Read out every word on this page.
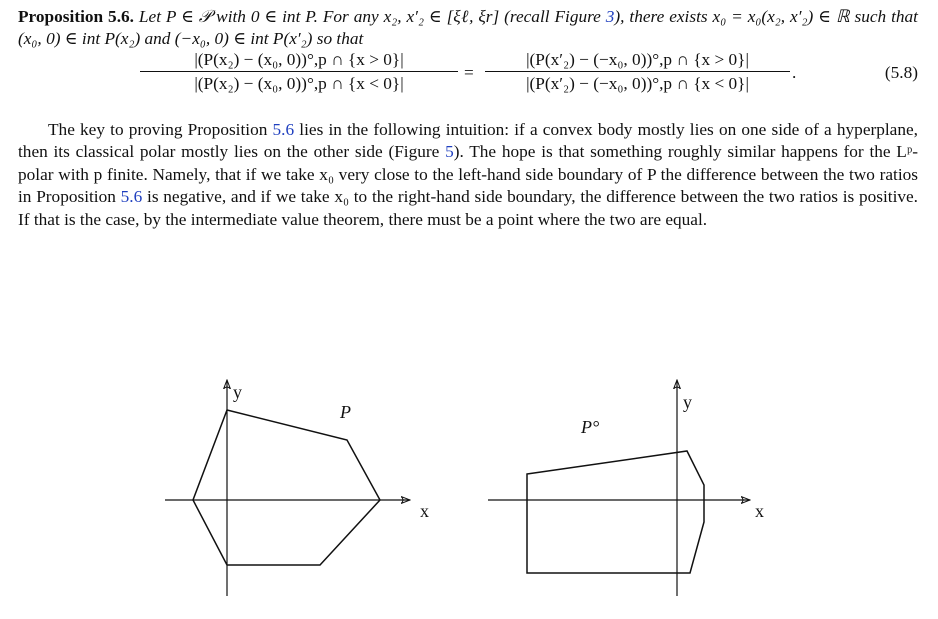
Proposition 5.6. Let P ∈ 𝒫 with 0 ∈ int P. For any x₂, x′₂ ∈ [ξℓ, ξr] (recall Figure 3), there exists x₀ = x₀(x₂, x′₂) ∈ ℝ such that (x₀, 0) ∈ int P(x₂) and (−x₀, 0) ∈ int P(x′₂) so that
|(P(x₂) − (x₀, 0))°,p ∩ {x > 0}|
|(P(x₂) − (x₀, 0))°,p ∩ {x < 0}|
=
|(P(x′₂) − (−x₀, 0))°,p ∩ {x > 0}|
|(P(x′₂) − (−x₀, 0))°,p ∩ {x < 0}|
.	(5.8)

The key to proving Proposition 5.6 lies in the following intuition: if a convex body mostly lies on one side of a hyperplane, then its classical polar mostly lies on the other side (Figure 5). The hope is that something roughly similar happens for the Lᵖ-polar with p finite. Namely, that if we take x₀ very close to the left-hand side boundary of P the difference between the two ratios in Proposition 5.6 is negative, and if we take x₀ to the right-hand side boundary, the difference between the two ratios is positive. If that is the case, by the intermediate value theorem, there must be a point where the two are equal.

y
x
P	y
x
P°
